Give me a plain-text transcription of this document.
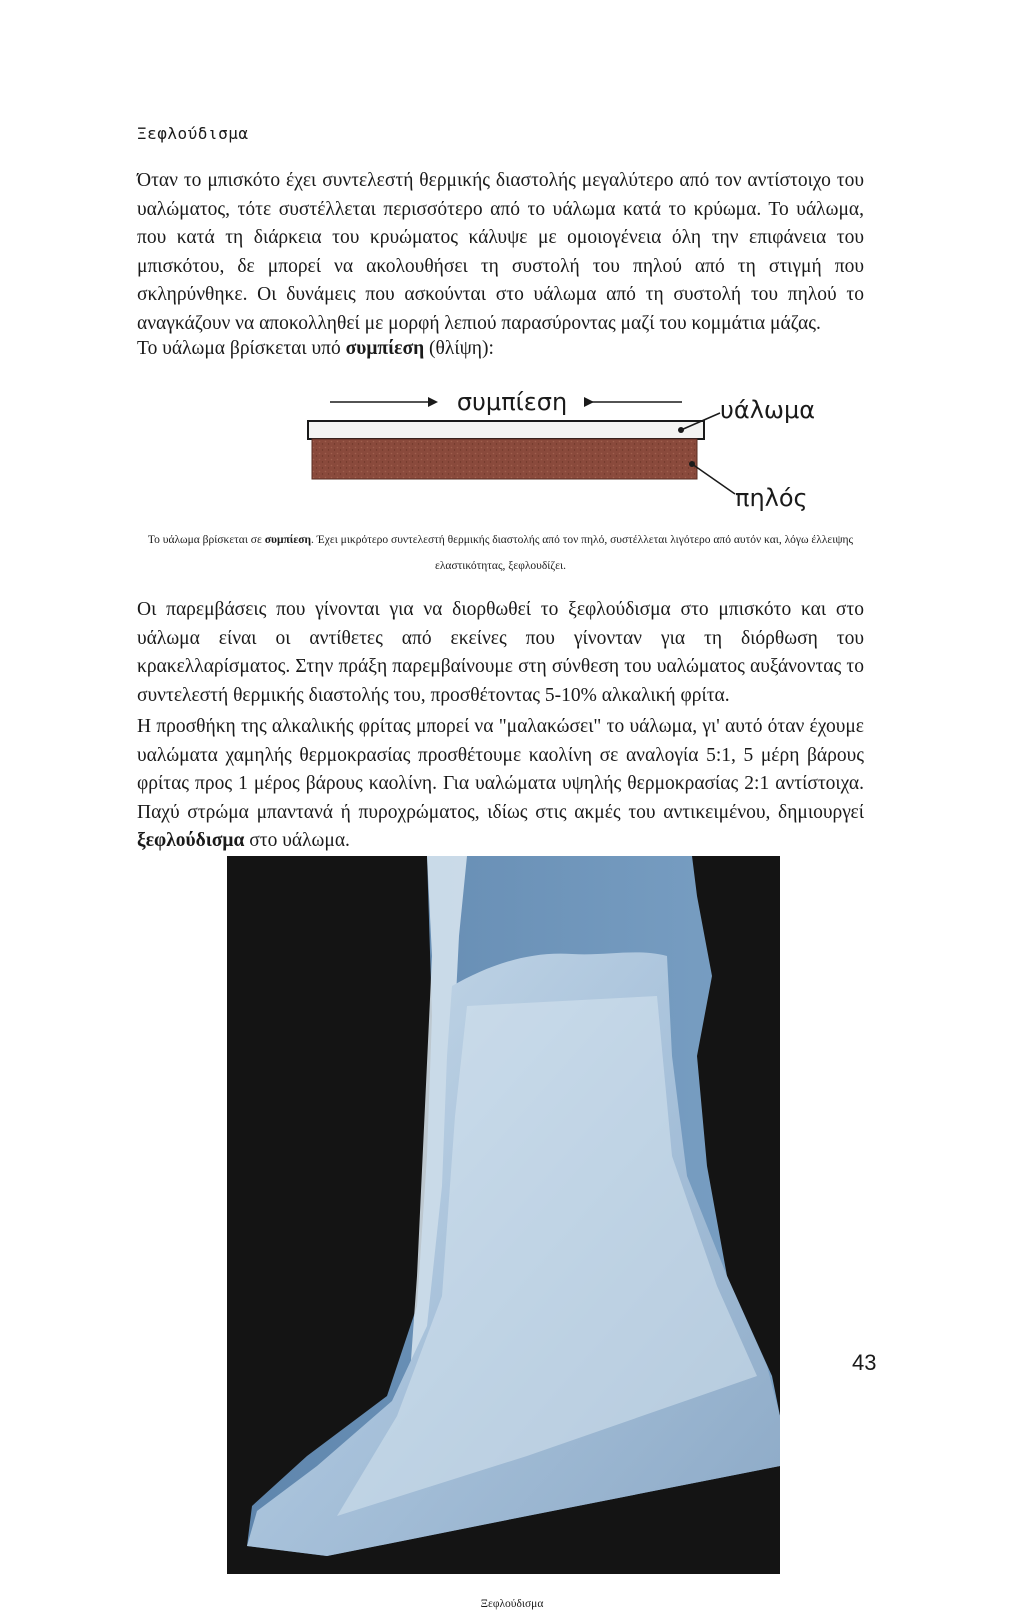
Ξεφλούδισμα

Όταν το μπισκότο έχει συντελεστή θερμικής διαστολής μεγαλύτερο από τον αντίστοιχο του υαλώματος, τότε συστέλλεται περισσότερο από το υάλωμα κατά το κρύωμα. Το υάλωμα, που κατά τη διάρκεια του κρυώματος κάλυψε με ομοιογένεια όλη την επιφάνεια του μπισκότου, δε μπορεί να ακολουθήσει τη συστολή του πηλού από τη στιγμή που σκληρύνθηκε. Οι δυνάμεις που ασκούνται στο υάλωμα από τη συστολή του πηλού το αναγκάζουν να αποκολληθεί με μορφή λεπιού παρασύροντας μαζί του κομμάτια μάζας.

Το υάλωμα βρίσκεται υπό συμπίεση (θλίψη):

συμπίεση	υάλωμα
πηλός
Το υάλωμα βρίσκεται σε συμπίεση. Έχει μικρότερο συντελεστή θερμικής διαστολής από τον πηλό, συστέλλεται λιγότερο από αυτόν και, λόγω έλλειψης ελαστικότητας, ξεφλουδίζει.

Οι παρεμβάσεις που γίνονται για να διορθωθεί το ξεφλούδισμα στο μπισκότο και στο υάλωμα είναι οι αντίθετες από εκείνες που γίνονταν για τη διόρθωση του κρακελλαρίσματος. Στην πράξη παρεμβαίνουμε στη σύνθεση του υαλώματος αυξάνοντας το συντελεστή θερμικής διαστολής του, προσθέτοντας 5-10% αλκαλική φρίτα.

Η προσθήκη της αλκαλικής φρίτας μπορεί να "μαλακώσει" το υάλωμα, γι' αυτό όταν έχουμε υαλώματα χαμηλής θερμοκρασίας προσθέτουμε καολίνη σε αναλογία 5:1, 5 μέρη βάρους φρίτας προς 1 μέρος βάρους καολίνη. Για υαλώματα υψηλής θερμοκρασίας 2:1 αντίστοιχα. Παχύ στρώμα μπαντανά ή πυροχρώματος, ιδίως στις ακμές του αντικειμένου, δημιουργεί ξεφλούδισμα στο υάλωμα.

Ξεφλούδισμα
43
